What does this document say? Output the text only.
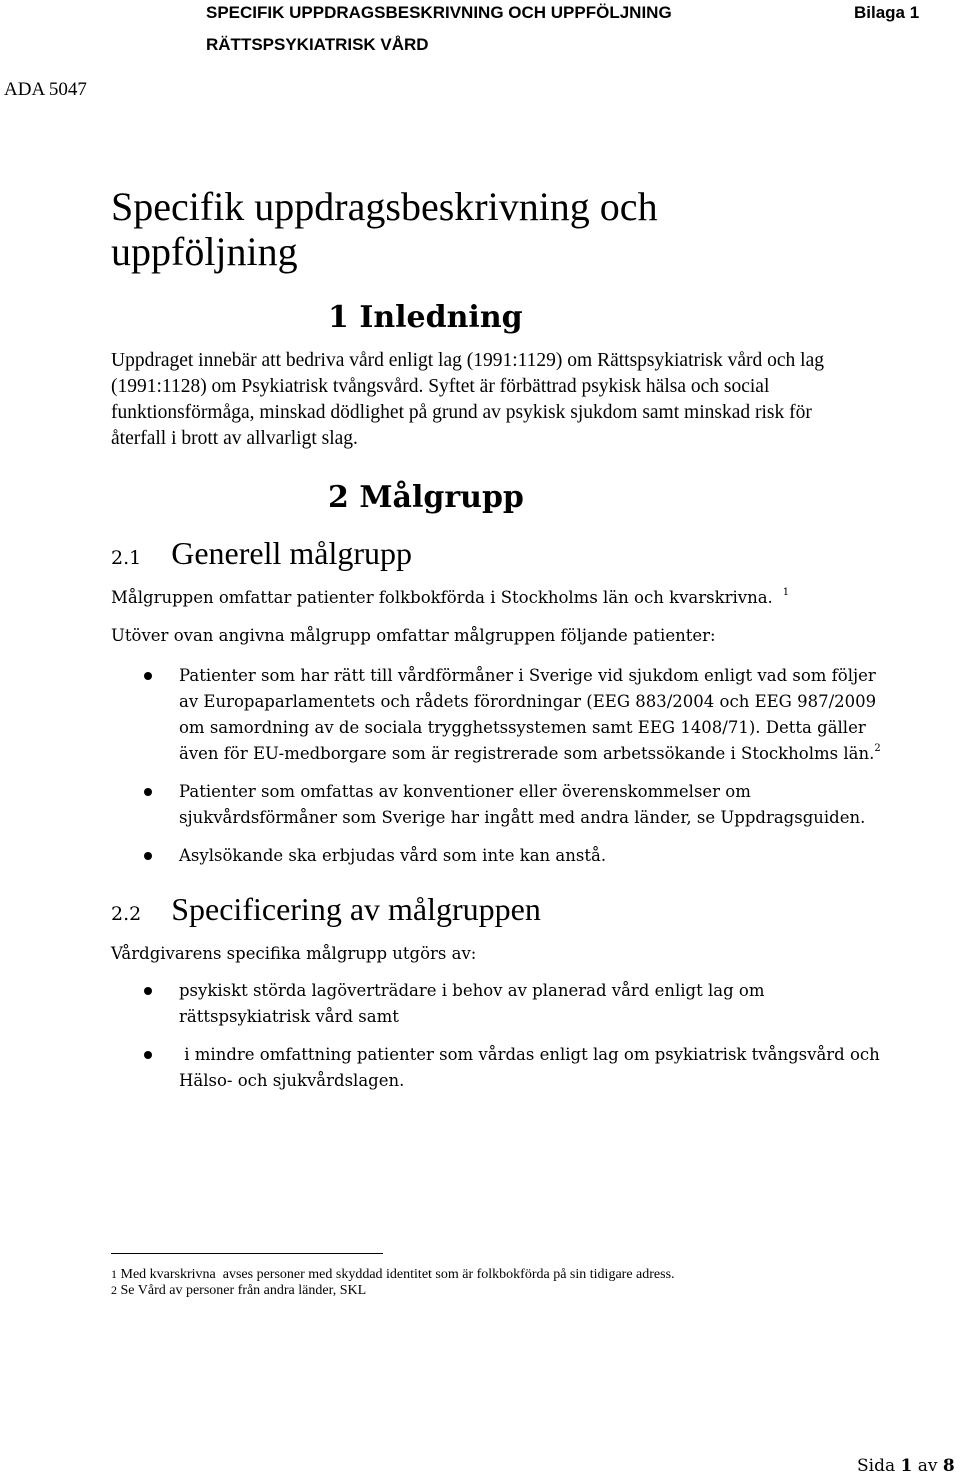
SPECIFIK UPPDRAGSBESKRIVNING OCH UPPFÖLJNING
RÄTTSPSYKIATRISK VÅRD
Bilaga 1
ADA 5047
Specifik uppdragsbeskrivning och
uppföljning
1 Inledning
Uppdraget innebär att bedriva vård enligt lag (1991:1129) om Rättspsykiatrisk vård och lag
(1991:1128) om Psykiatrisk tvångsvård. Syftet är förbättrad psykisk hälsa och social
funktionsförmåga, minskad dödlighet på grund av psykisk sjukdom samt minskad risk för
återfall i brott av allvarligt slag.
2 Målgrupp
2.1 Generell målgrupp
Målgruppen omfattar patienter folkbokförda i Stockholms län och kvarskrivna. $^1$
Utöver ovan angivna målgrupp omfattar målgruppen följande patienter:
Patienter som har rätt till vårdförmåner i Sverige vid sjukdom enligt vad som följer
av Europaparlamentets och rådets förordningar (EEG 883/2004 och EEG 987/2009
om samordning av de sociala trygghetssystemen samt EEG 1408/71). Detta gäller
även för EU-medborgare som är registrerade som arbetssökande i Stockholms län.$^2$
Patienter som omfattas av konventioner eller överenskommelser om
sjukvårdsförmåner som Sverige har ingått med andra länder, se Uppdragsguiden.
Asylsökande ska erbjudas vård som inte kan anstå.
2.2 Specificering av målgruppen
Vårdgivarens specifika målgrupp utgörs av:
psykiskt störda lagöverträdare i behov av planerad vård enligt lag om
rättspsykiatrisk vård samt
i mindre omfattning patienter som vårdas enligt lag om psykiatrisk tvångsvård och
Hälso- och sjukvårdslagen.
1 Med kvarskrivna  avses personer med skyddad identitet som är folkbokförda på sin tidigare adress.
2 Se Vård av personer från andra länder, SKL
Sida 1 av 8
